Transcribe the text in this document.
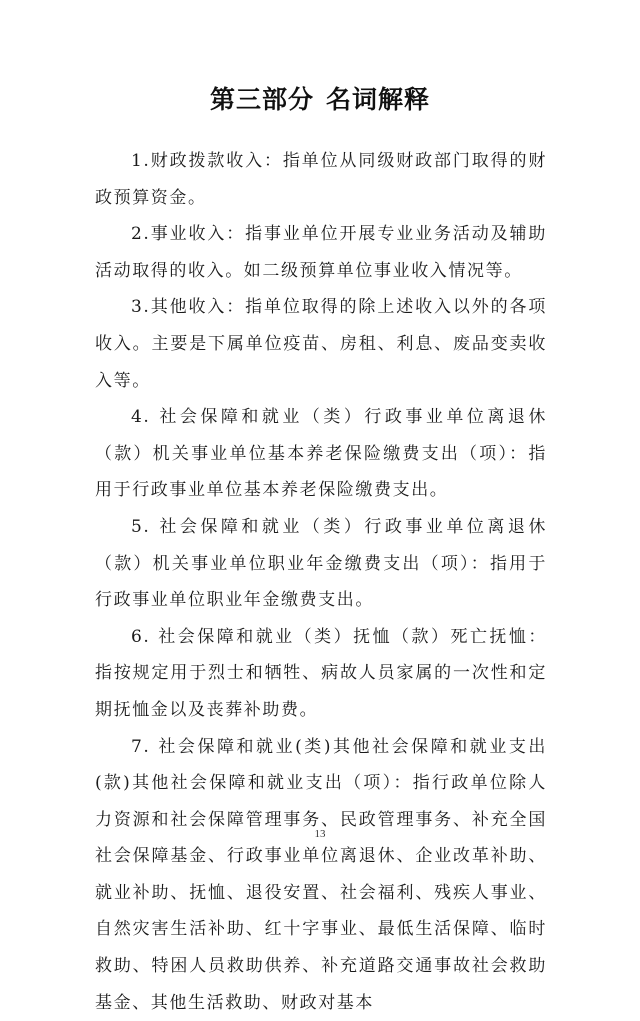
第三部分 名词解释

1.财政拨款收入：指单位从同级财政部门取得的财政预算资金。

2.事业收入：指事业单位开展专业业务活动及辅助活动取得的收入。如二级预算单位事业收入情况等。

3.其他收入：指单位取得的除上述收入以外的各项收入。主要是下属单位疫苗、房租、利息、废品变卖收入等。

4. 社会保障和就业（类）行政事业单位离退休（款）机关事业单位基本养老保险缴费支出（项）：指用于行政事业单位基本养老保险缴费支出。

5. 社会保障和就业（类）行政事业单位离退休（款）机关事业单位职业年金缴费支出（项）：指用于行政事业单位职业年金缴费支出。

6. 社会保障和就业（类）抚恤（款）死亡抚恤：指按规定用于烈士和牺牲、病故人员家属的一次性和定期抚恤金以及丧葬补助费。

7. 社会保障和就业(类)其他社会保障和就业支出(款)其他社会保障和就业支出（项）：指行政单位除人力资源和社会保障管理事务、民政管理事务、补充全国社会保障基金、行政事业单位离退休、企业改革补助、就业补助、抚恤、退役安置、社会福利、残疾人事业、自然灾害生活补助、红十字事业、最低生活保障、临时救助、特困人员救助供养、补充道路交通事故社会救助基金、其他生活救助、财政对基本

13
